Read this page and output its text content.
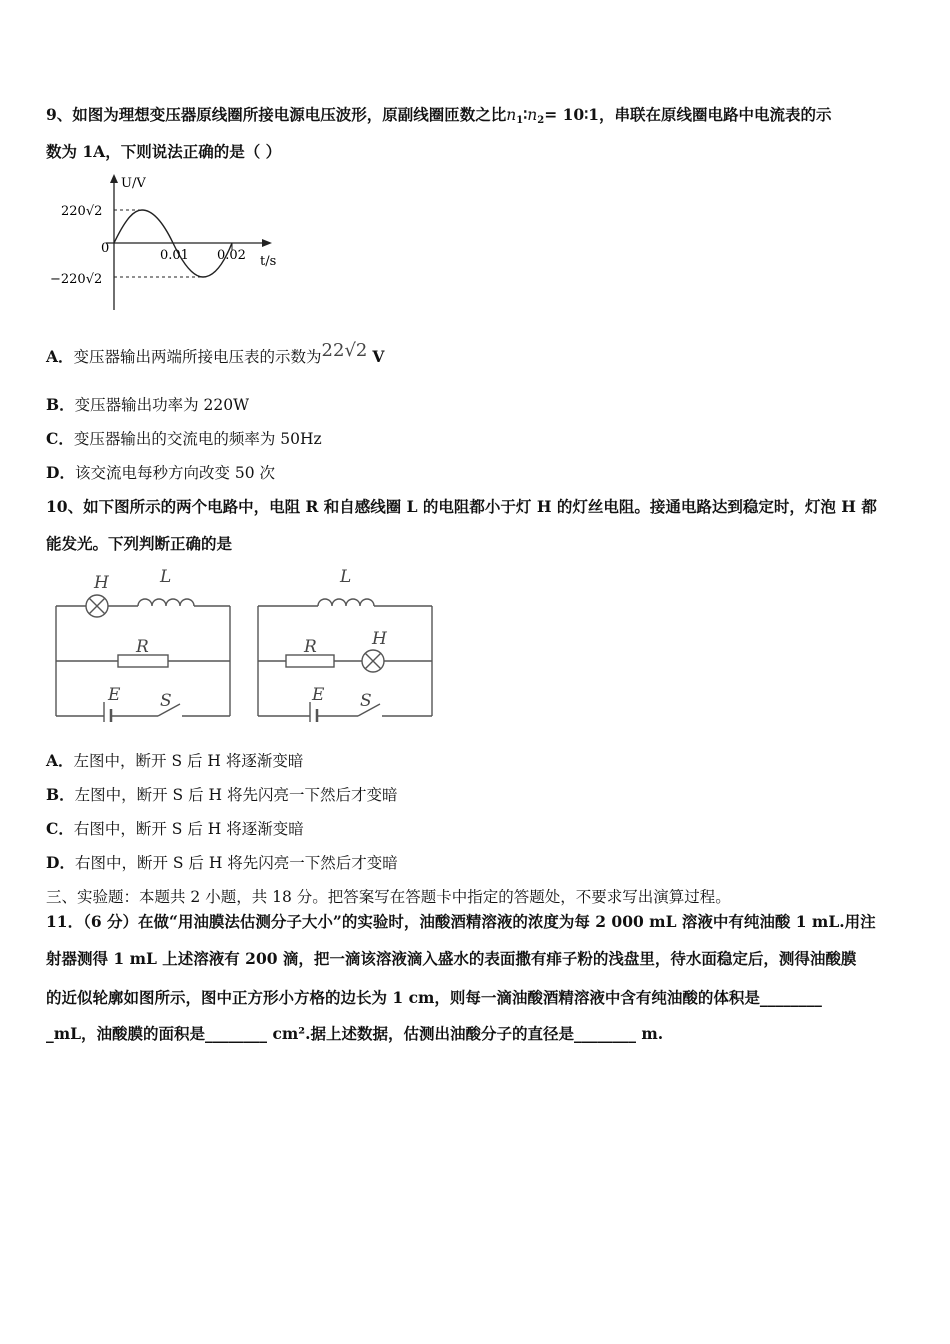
9、如图为理想变压器原线圈所接电源电压波形，原副线圈匝数之比$n_1∶n_2=$ 10∶1，串联在原线圈电路中电流表的示
数为 1A，下则说法正确的是（ ）
U/V
t/s
220√2
0
−220√2
0.01 0.02
A．变压器输出两端所接电压表的示数为22√2 V
B．变压器输出功率为 220W
C．变压器输出的交流电的频率为 50Hz
D．该交流电每秒方向改变 50 次
10、如下图所示的两个电路中，电阻 R 和自感线圈 L 的电阻都小于灯 H 的灯丝电阻。接通电路达到稳定时，灯泡 H 都
能发光。下列判断正确的是
H	L
R
E S
L
R	H
E S
A．左图中，断开 S 后 H 将逐渐变暗
B．左图中，断开 S 后 H 将先闪亮一下然后才变暗
C．右图中，断开 S 后 H 将逐渐变暗
D．右图中，断开 S 后 H 将先闪亮一下然后才变暗
三、实验题：本题共 2 小题，共 18 分。把答案写在答题卡中指定的答题处，不要求写出演算过程。
11．（6 分）在做“用油膜法估测分子大小”的实验时，油酸酒精溶液的浓度为每 2 000 mL 溶液中有纯油酸 1 mL.用注
射器测得 1 mL 上述溶液有 200 滴，把一滴该溶液滴入盛水的表面撒有痱子粉的浅盘里，待水面稳定后，测得油酸膜
的近似轮廓如图所示，图中正方形小方格的边长为 1 cm，则每一滴油酸酒精溶液中含有纯油酸的体积是________
_mL，油酸膜的面积是________ cm².据上述数据，估测出油酸分子的直径是________ m.
